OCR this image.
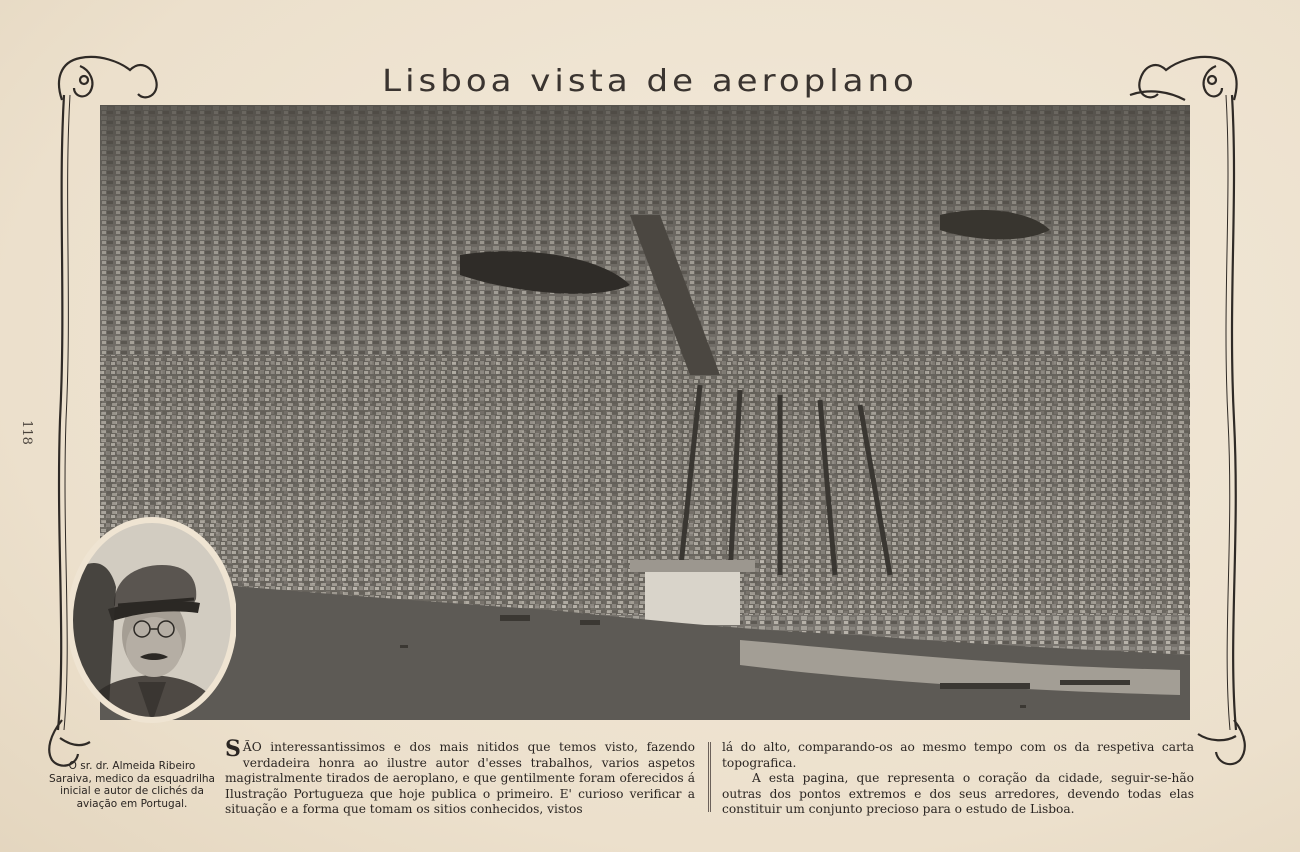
Lisboa vista de aeroplano
118
O sr. dr. Almeida Ribeiro Saraiva, medico da esquadrilha inicial e autor de clichés da aviação em Portugal.

SÃO interessantissimos e dos mais nitidos que temos visto, fazendo verdadeira honra ao ilustre autor d'esses trabalhos, varios aspetos magistralmente tirados de aeroplano, e que gentilmente foram oferecidos á Ilustração Portugueza que hoje publica o primeiro. E' curioso verificar a situação e a forma que tomam os sitios conhecidos, vistos

lá do alto, comparando-os ao mesmo tempo com os da respetiva carta topografica.

A esta pagina, que representa o coração da cidade, seguir-se-hão outras dos pontos extremos e dos seus arredores, devendo todas elas constituir um conjunto precioso para o estudo de Lisboa.
